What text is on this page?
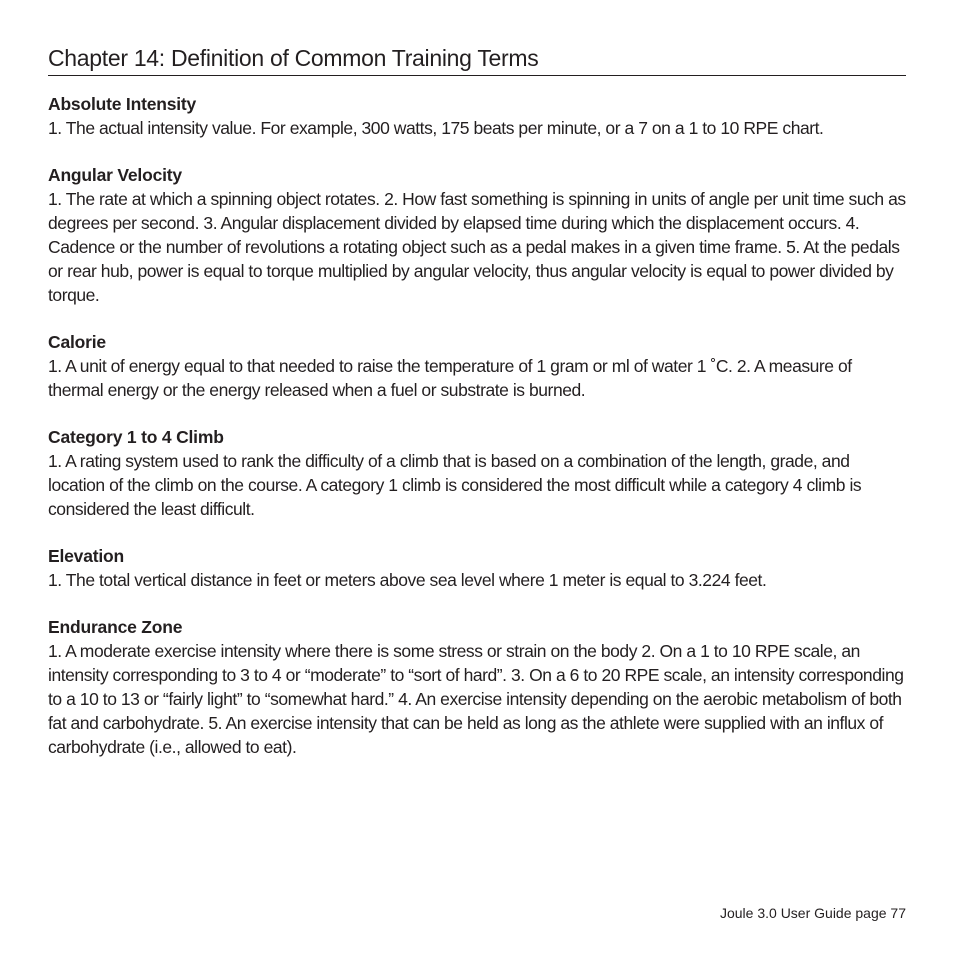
Chapter 14: Definition of Common Training Terms

Absolute Intensity

1. The actual intensity value. For example, 300 watts, 175 beats per minute, or a 7 on a 1 to 10 RPE chart.

Angular Velocity

1. The rate at which a spinning object rotates. 2. How fast something is spinning in units of angle per unit time such as degrees per second. 3. Angular displacement divided by elapsed time during which the displacement occurs. 4. Cadence or the number of revolutions a rotating object such as a pedal makes in a given time frame. 5. At the pedals or rear hub, power is equal to torque multiplied by angular velocity, thus angular velocity is equal to power divided by torque.

Calorie

1. A unit of energy equal to that needed to raise the temperature of 1 gram or ml of water 1 ˚C. 2. A measure of thermal energy or the energy released when a fuel or substrate is burned.

Category 1 to 4 Climb

1. A rating system used to rank the difficulty of a climb that is based on a combination of the length, grade, and location of the climb on the course. A category 1 climb is considered the most difficult while a category 4 climb is considered the least difficult.

Elevation

1. The total vertical distance in feet or meters above sea level where 1 meter is equal to 3.224 feet.

Endurance Zone

1. A moderate exercise intensity where there is some stress or strain on the body 2. On a 1 to 10 RPE scale, an intensity corresponding to 3 to 4 or “moderate” to “sort of hard”. 3. On a 6 to 20 RPE scale, an intensity corresponding to a 10 to 13 or “fairly light” to “somewhat hard.” 4. An exercise intensity depending on the aerobic metabolism of both fat and carbohydrate. 5. An exercise intensity that can be held as long as the athlete were supplied with an influx of carbohydrate (i.e., allowed to eat).

Joule 3.0 User Guide page 77
